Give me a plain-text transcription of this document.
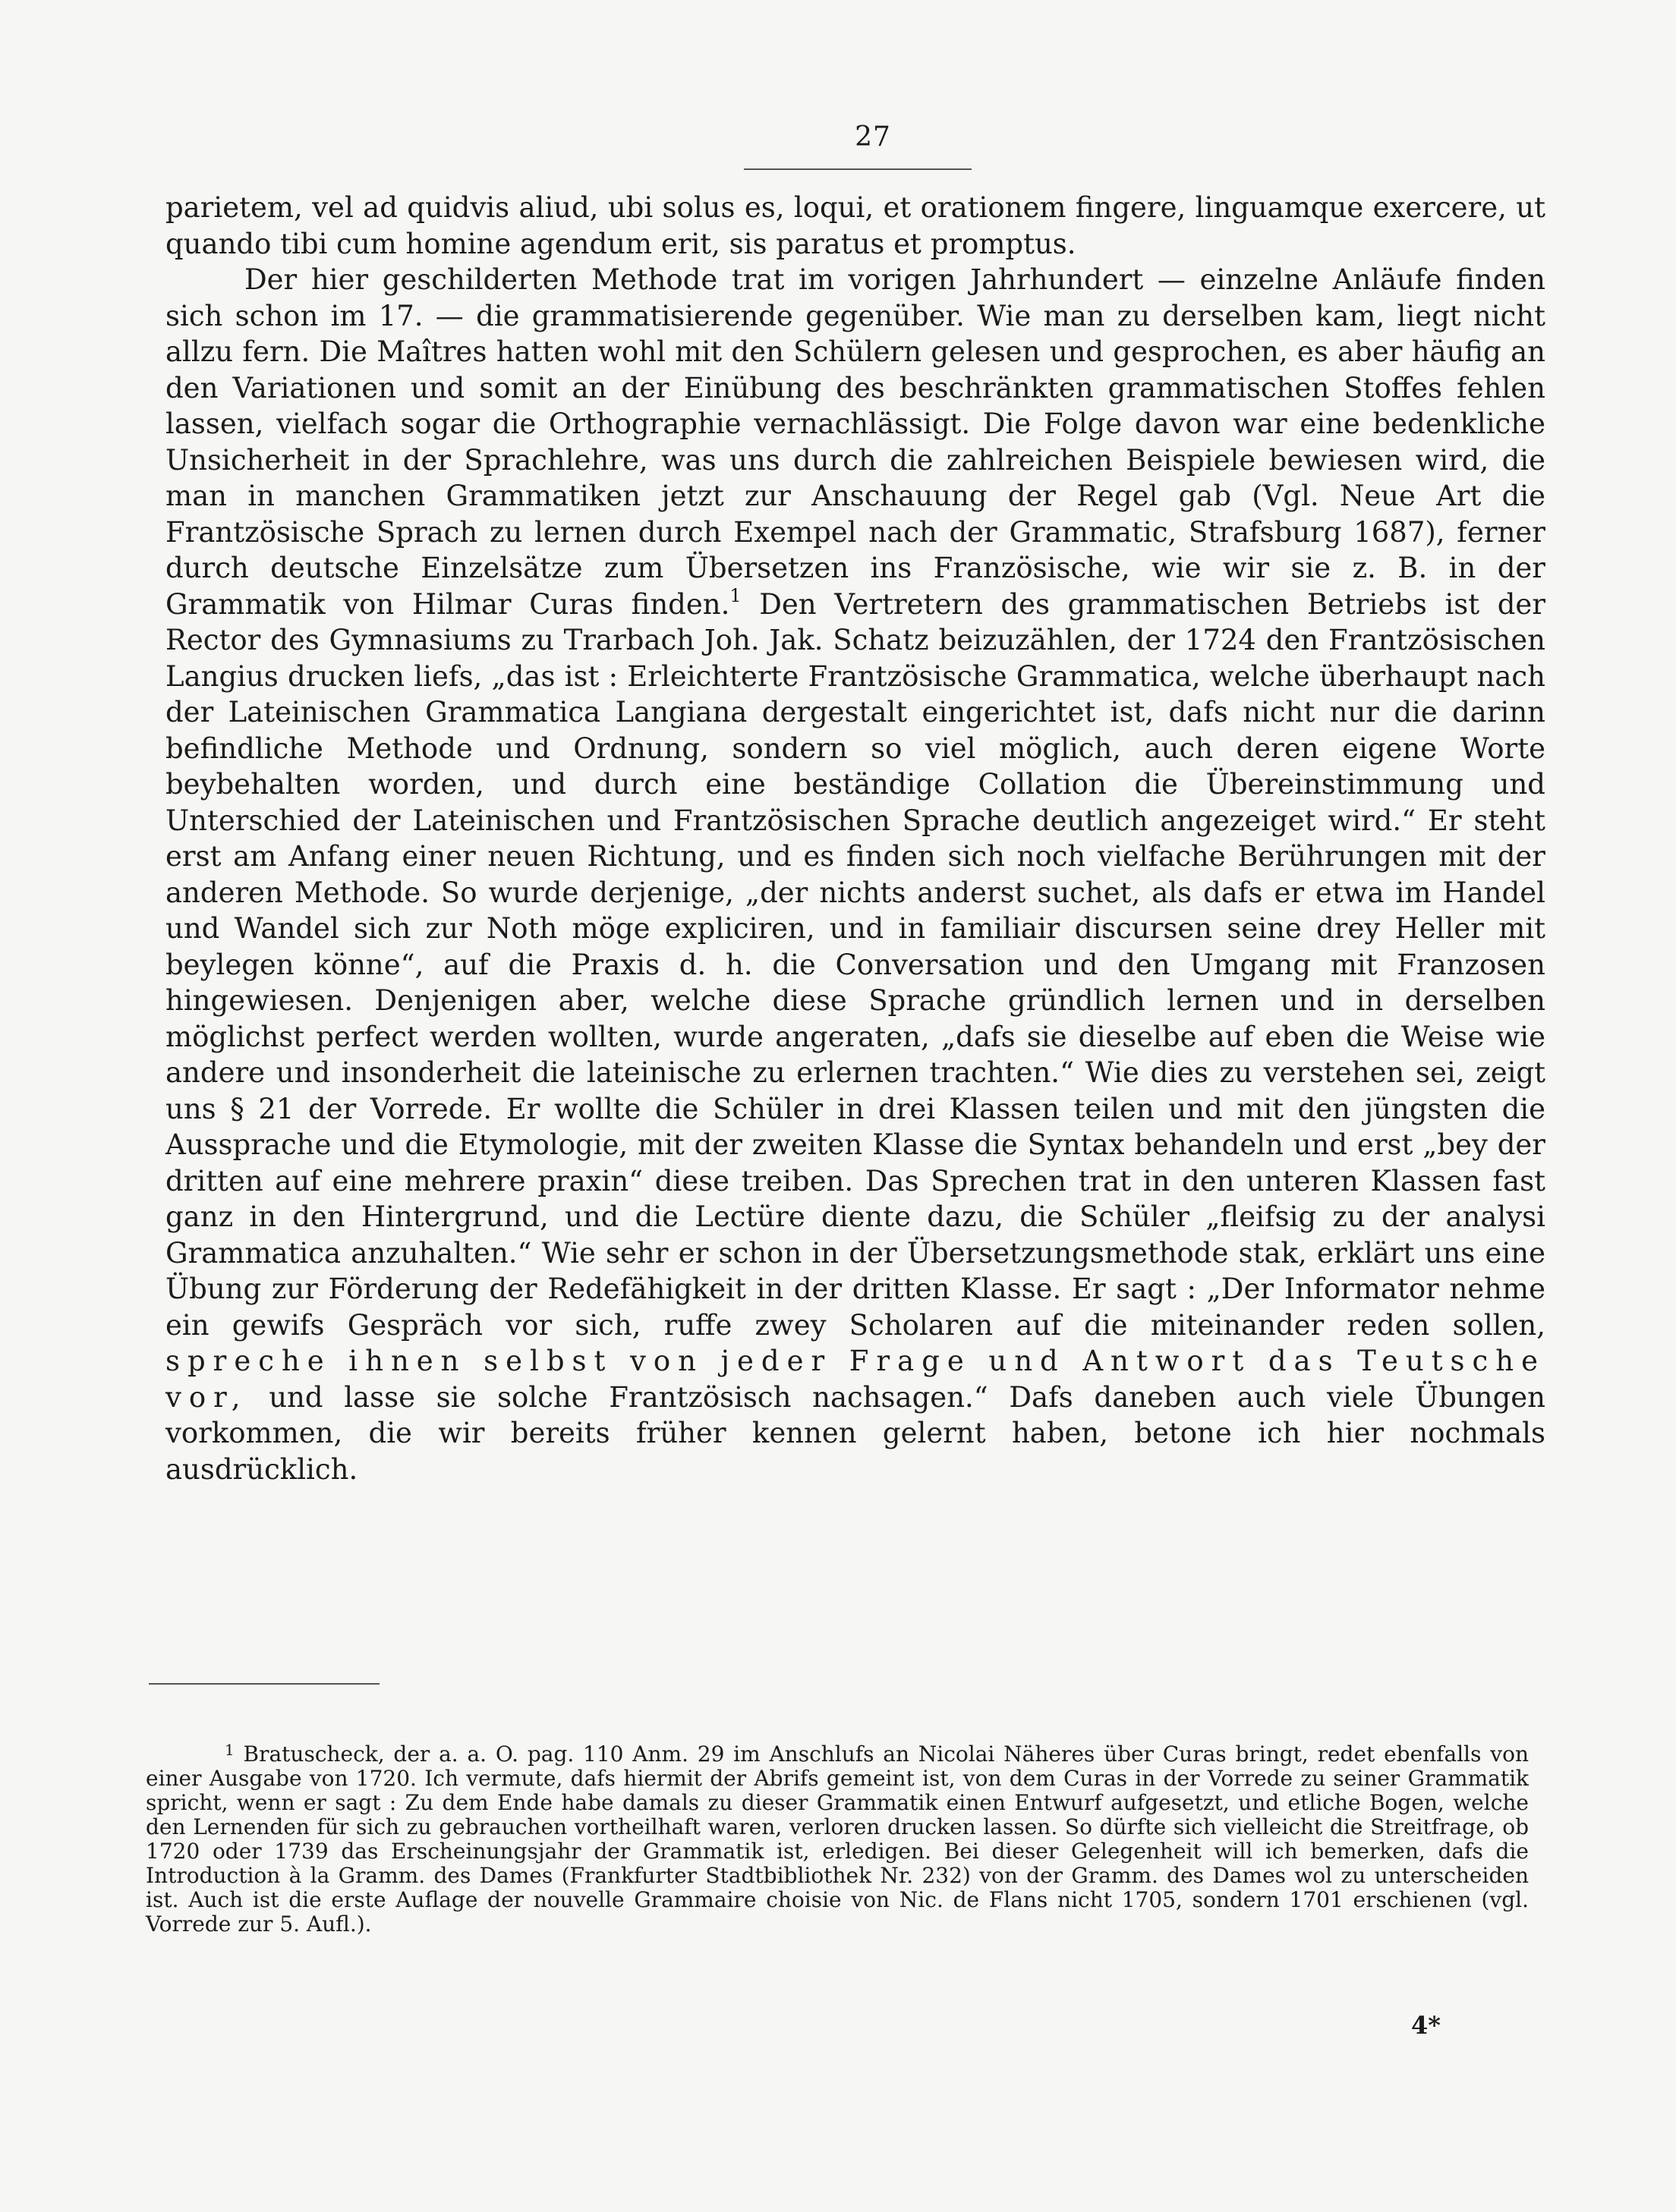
27

parietem, vel ad quidvis aliud, ubi solus es, loqui, et orationem fingere, linguamque exercere, ut quando tibi cum homine agendum erit, sis paratus et promptus.

Der hier geschilderten Methode trat im vorigen Jahrhundert — einzelne Anläufe finden sich schon im 17. — die grammatisierende gegenüber. Wie man zu derselben kam, liegt nicht allzu fern. Die Maîtres hatten wohl mit den Schülern gelesen und gesprochen, es aber häufig an den Variationen und somit an der Einübung des beschränkten grammatischen Stoffes fehlen lassen, vielfach sogar die Orthographie vernachlässigt. Die Folge davon war eine bedenkliche Unsicherheit in der Sprachlehre, was uns durch die zahlreichen Beispiele bewiesen wird, die man in manchen Grammatiken jetzt zur Anschauung der Regel gab (Vgl. Neue Art die Frantzösische Sprach zu lernen durch Exempel nach der Grammatic, Strafsburg 1687), ferner durch deutsche Einzelsätze zum Übersetzen ins Französische, wie wir sie z. B. in der Grammatik von Hilmar Curas finden.$^1$ Den Vertretern des grammatischen Betriebs ist der Rector des Gymnasiums zu Trarbach Joh. Jak. Schatz beizuzählen, der 1724 den Frantzösischen Langius drucken liefs, „das ist : Erleichterte Frantzösische Grammatica, welche überhaupt nach der Lateinischen Grammatica Langiana dergestalt eingerichtet ist, dafs nicht nur die darinn befindliche Methode und Ordnung, sondern so viel möglich, auch deren eigene Worte beybehalten worden, und durch eine beständige Collation die Übereinstimmung und Unterschied der Lateinischen und Frantzösischen Sprache deutlich angezeiget wird.“ Er steht erst am Anfang einer neuen Richtung, und es finden sich noch vielfache Berührungen mit der anderen Methode. So wurde derjenige, „der nichts anderst suchet, als dafs er etwa im Handel und Wandel sich zur Noth möge expliciren, und in familiair discursen seine drey Heller mit beylegen könne“, auf die Praxis d. h. die Conversation und den Umgang mit Franzosen hingewiesen. Denjenigen aber, welche diese Sprache gründlich lernen und in derselben möglichst perfect werden wollten, wurde angeraten, „dafs sie dieselbe auf eben die Weise wie andere und insonderheit die lateinische zu erlernen trachten.“ Wie dies zu verstehen sei, zeigt uns § 21 der Vorrede. Er wollte die Schüler in drei Klassen teilen und mit den jüngsten die Aussprache und die Etymologie, mit der zweiten Klasse die Syntax behandeln und erst „bey der dritten auf eine mehrere praxin“ diese treiben. Das Sprechen trat in den unteren Klassen fast ganz in den Hintergrund, und die Lectüre diente dazu, die Schüler „fleifsig zu der analysi Grammatica anzuhalten.“ Wie sehr er schon in der Übersetzungsmethode stak, erklärt uns eine Übung zur Förderung der Redefähigkeit in der dritten Klasse. Er sagt : „Der Informator nehme ein gewifs Gespräch vor sich, ruffe zwey Scholaren auf die miteinander reden sollen, spreche ihnen selbst von jeder Frage und Antwort das Teutsche vor, und lasse sie solche Frantzösisch nachsagen.“ Dafs daneben auch viele Übungen vorkommen, die wir bereits früher kennen gelernt haben, betone ich hier nochmals ausdrücklich.

$^1$ Bratuscheck, der a. a. O. pag. 110 Anm. 29 im Anschlufs an Nicolai Näheres über Curas bringt, redet ebenfalls von einer Ausgabe von 1720. Ich vermute, dafs hiermit der Abrifs gemeint ist, von dem Curas in der Vorrede zu seiner Grammatik spricht, wenn er sagt : Zu dem Ende habe damals zu dieser Grammatik einen Entwurf aufgesetzt, und etliche Bogen, welche den Lernenden für sich zu gebrauchen vortheilhaft waren, verloren drucken lassen. So dürfte sich vielleicht die Streitfrage, ob 1720 oder 1739 das Erscheinungsjahr der Grammatik ist, erledigen. Bei dieser Gelegenheit will ich bemerken, dafs die Introduction à la Gramm. des Dames (Frankfurter Stadtbibliothek Nr. 232) von der Gramm. des Dames wol zu unterscheiden ist. Auch ist die erste Auflage der nouvelle Grammaire choisie von Nic. de Flans nicht 1705, sondern 1701 erschienen (vgl. Vorrede zur 5. Aufl.).

4*
